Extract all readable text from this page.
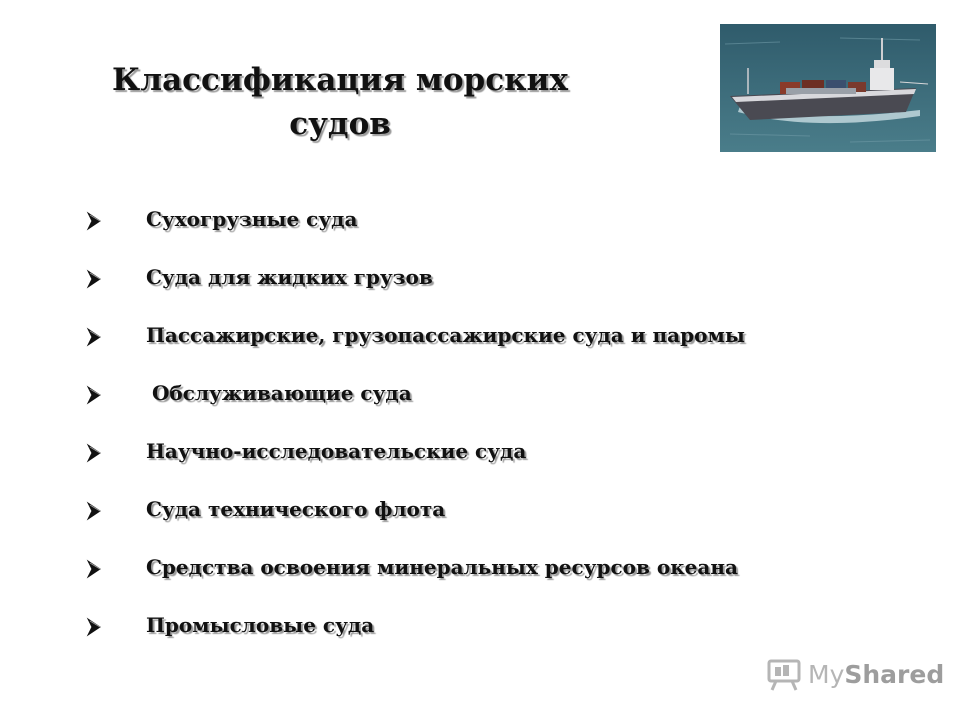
Классификация морских
судов
Сухогрузные суда
Суда для жидких грузов
Пассажирские, грузопассажирские суда и паромы
Обслуживающие суда
Научно-исследовательские суда
Суда технического флота
Средства освоения минеральных ресурсов океана
Промысловые суда
MyShared
